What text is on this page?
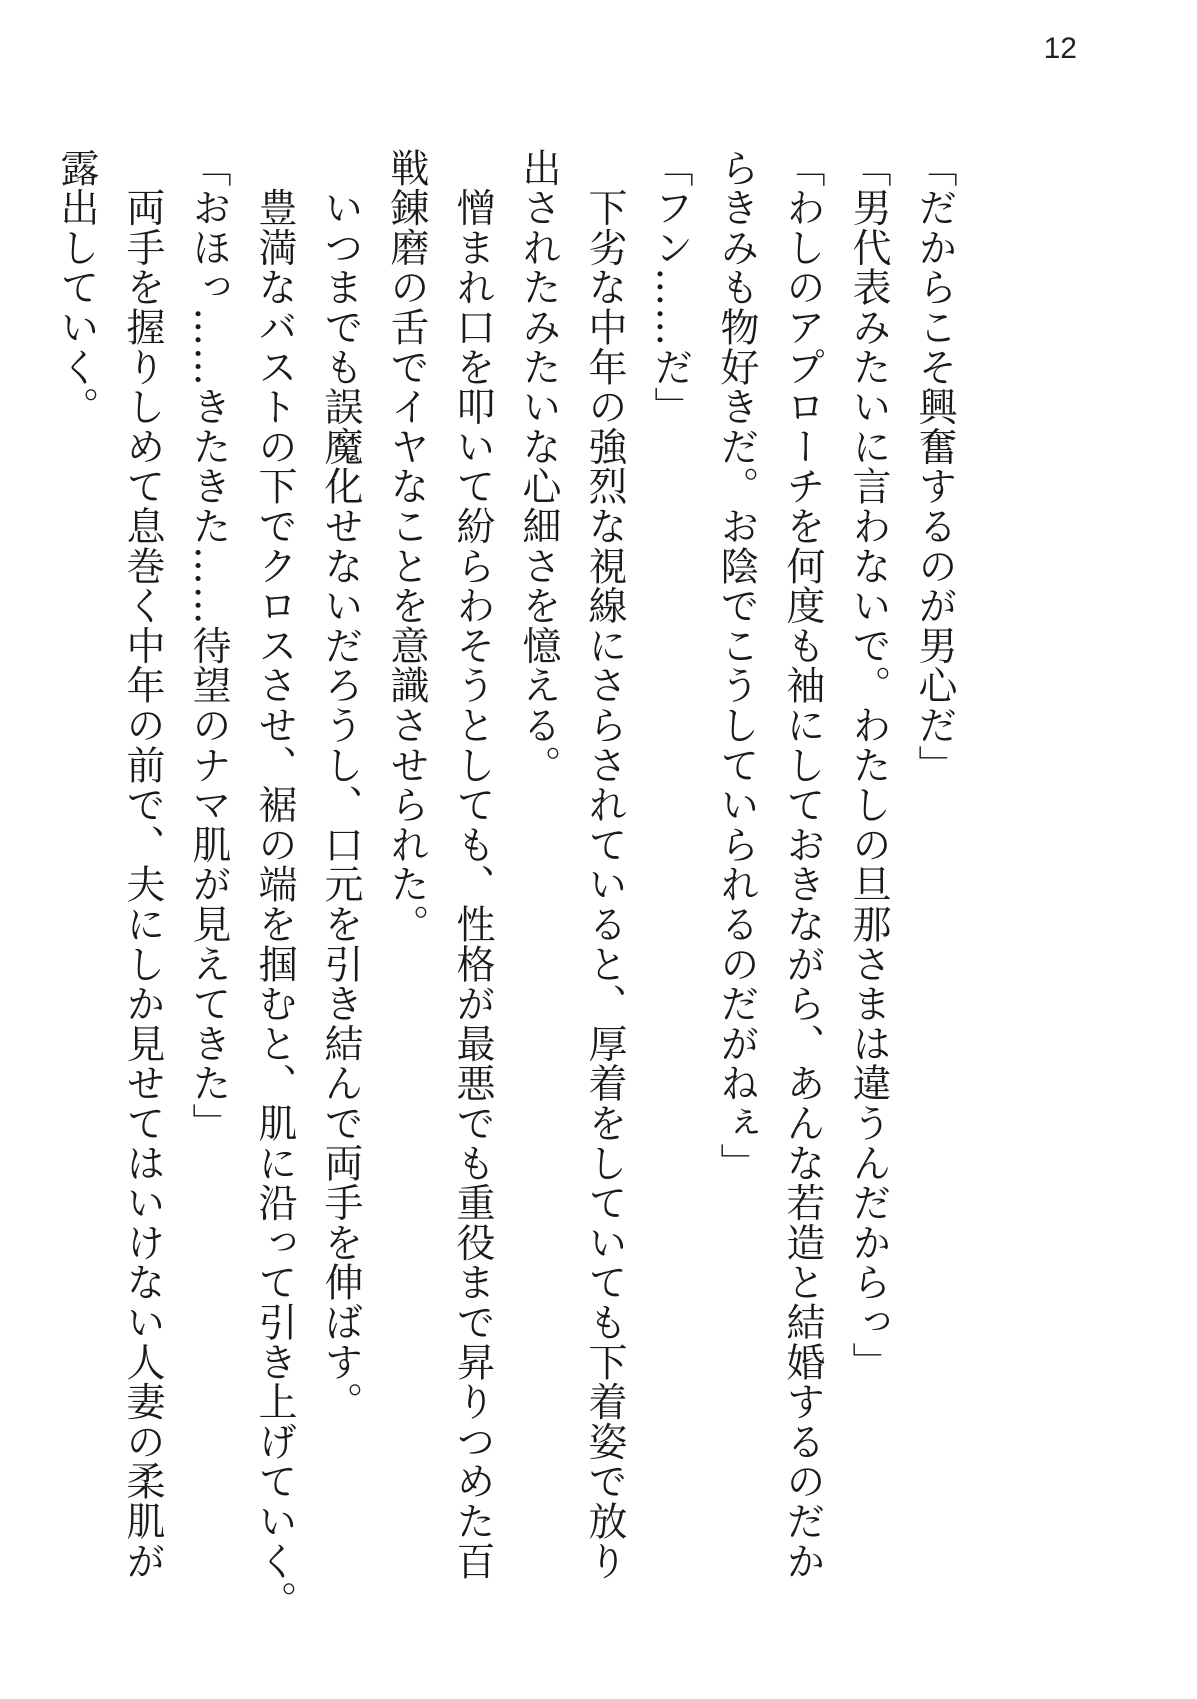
12
「だからこそ興奮するのが男心だ」
「男代表みたいに言わないで。わたしの旦那さまは違うんだからっ」
「わしのアプローチを何度も袖にしておきながら、あんな若造と結婚するのだか
らきみも物好きだ。お陰でこうしていられるのだがねぇ」
「フン……だ」
　下劣な中年の強烈な視線にさらされていると、厚着をしていても下着姿で放り
出されたみたいな心細さを憶える。
　憎まれ口を叩いて紛らわそうとしても、性格が最悪でも重役まで昇りつめた百
戦錬磨の舌でイヤなことを意識させられた。
　いつまでも誤魔化せないだろうし、口元を引き結んで両手を伸ばす。
　豊満なバストの下でクロスさせ、裾の端を掴むと、肌に沿って引き上げていく。
「おほっ……きたきた……待望のナマ肌が見えてきた」
　両手を握りしめて息巻く中年の前で、夫にしか見せてはいけない人妻の柔肌が
露出していく。
